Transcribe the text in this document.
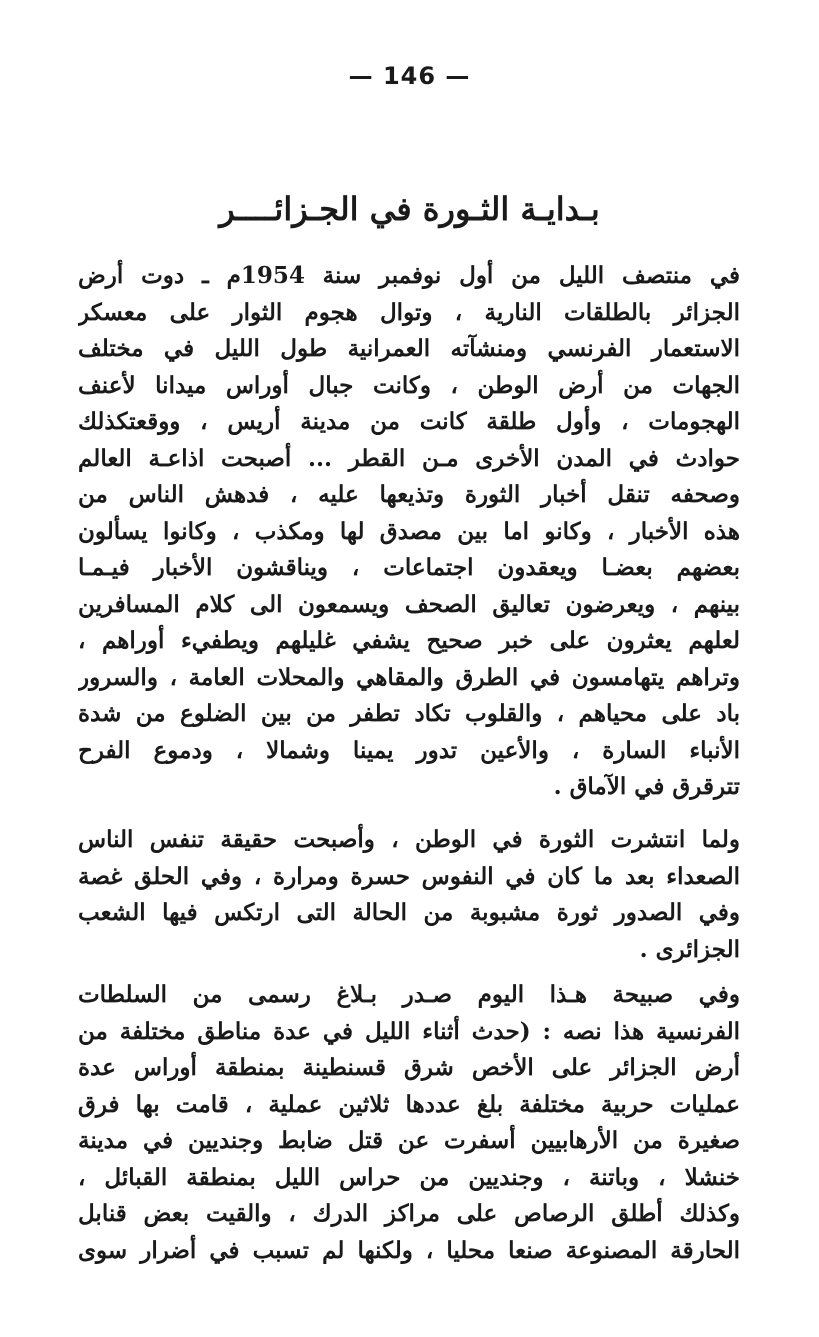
— 146 —
بـدايـة الثـورة في الجـزائــــر
في منتصف الليل من أول نوفمبر سنة 1954م ـ دوت أرض
الجزائر بالطلقات النارية ، وتوال هجوم الثوار على معسكر
الاستعمار الفرنسي ومنشآته العمرانية طول الليل في مختلف
الجهات من أرض الوطن ، وكانت جبال أوراس ميدانا لأعنف
الهجومات ، وأول طلقة كانت من مدينة أريس ، ووقعتكذلك
حوادث في المدن الأخرى مـن القطر ... أصبحت اذاعـة العالم
وصحفه تنقل أخبار الثورة وتذيعها عليه ، فدهش الناس من
هذه الأخبار ، وكانو اما بين مصدق لها ومكذب ، وكانوا يسألون
بعضهم بعضـا ويعقدون اجتماعات ، ويناقشون الأخبار فيـمـا
بينهم ، ويعرضون تعاليق الصحف ويسمعون الى كلام المسافرين
لعلهم يعثرون على خبر صحيح يشفي غليلهم ويطفيء أوراهم ،
وتراهم يتهامسون في الطرق والمقاهي والمحلات العامة ، والسرور
باد على محياهم ، والقلوب تكاد تطفر من بين الضلوع من شدة
الأنباء السارة ، والأعين تدور يمينا وشمالا ، ودموع الفرح
تترقرق في الآماق .
ولما انتشرت الثورة في الوطن ، وأصبحت حقيقة تنفس الناس
الصعداء بعد ما كان في النفوس حسرة ومرارة ، وفي الحلق غصة
وفي الصدور ثورة مشبوبة من الحالة التى ارتكس فيها الشعب
الجزائرى .
وفي صبيحة هـذا اليوم صـدر بـلاغ رسمى من السلطات
الفرنسية هذا نصه : (حدث أثناء الليل في عدة مناطق مختلفة من
أرض الجزائر على الأخص شرق قسنطينة بمنطقة أوراس عدة
عمليات حربية مختلفة بلغ عددها ثلاثين عملية ، قامت بها فرق
صغيرة من الأرهابيين أسفرت عن قتل ضابط وجنديين في مدينة
خنشلا ، وباتنة ، وجنديين من حراس الليل بمنطقة القبائل ،
وكذلك أطلق الرصاص على مراكز الدرك ، والقيت بعض قنابل
الحارقة المصنوعة صنعا محليا ، ولكنها لم تسبب في أضرار سوى
